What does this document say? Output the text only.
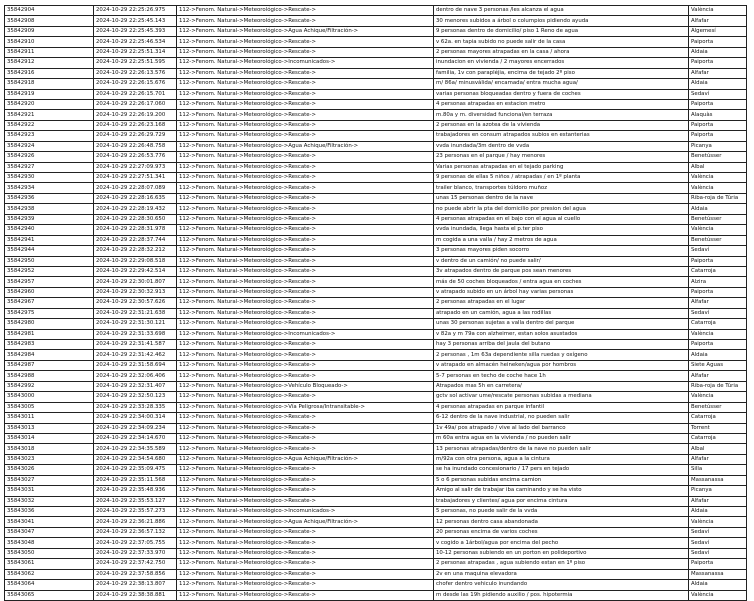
35842904	2024-10-29 22:25:26.975	112->Fenom. Natural->Meteorológico->Rescate->	dentro de nave 3 personas /les alcanza el agua	València
35842908	2024-10-29 22:25:45.143	112->Fenom. Natural->Meteorológico->Rescate->	30 menores subidos a árbol o columpios pidiendo ayuda	Alfafar
35842909	2024-10-29 22:25:45.393	112->Fenom. Natural->Meteorológico->Agua Achique/Filtración->	9 personas dentro de domicilio/ piso 1 Reno de agua	Algemesí
35842910	2024-10-29 22:25:46.534	112->Fenom. Natural->Meteorológico->Rescate->	v 62a. en tapia subido no puede salir de la casa	Paiporta
35842911	2024-10-29 22:25:51.314	112->Fenom. Natural->Meteorológico->Rescate->	2 personas mayores atrapadas en la casa / ahora	Aldaia
35842912	2024-10-29 22:25:51.595	112->Fenom. Natural->Meteorológico->Incomunicados->	inundacion en vivienda / 2 mayores encerrados	Paiporta
35842916	2024-10-29 22:26:13.576	112->Fenom. Natural->Meteorológico->Rescate->	familia, 1v con parapléjia, encima de tejado 2º piso	Alfafar
35842918	2024-10-29 22:26:15.676	112->Fenom. Natural->Meteorológico->Rescate->	m/ 86a/ minusválida/ encamada/ entra mucha agua/	Aldaia
35842919	2024-10-29 22:26:15.701	112->Fenom. Natural->Meteorológico->Rescate->	varias personas bloqueadas dentro y fuera de coches	Sedaví
35842920	2024-10-29 22:26:17.060	112->Fenom. Natural->Meteorológico->Rescate->	4 personas atrapadas en estacion metro	Paiporta
35842921	2024-10-29 22:26:19.200	112->Fenom. Natural->Meteorológico->Rescate->	m.80a y m. diversidad funcional/en terraza	Alaquàs
35842922	2024-10-29 22:26:23.168	112->Fenom. Natural->Meteorológico->Rescate->	2 personas en la azotea de la vivienda	Paiporta
35842923	2024-10-29 22:26:29.729	112->Fenom. Natural->Meteorológico->Rescate->	trabajadores en consum atrapados subios en estanterias	Paiporta
35842924	2024-10-29 22:26:48.758	112->Fenom. Natural->Meteorológico->Agua Achique/Filtración->	vvda inundada/3m dentro de vvda	Picanya
35842926	2024-10-29 22:26:53.776	112->Fenom. Natural->Meteorológico->Rescate->	23 personas en el parque / hay menores	Benetússer
35842927	2024-10-29 22:27:09.973	112->Fenom. Natural->Meteorológico->Rescate->	Varias personas atrapadas en el tejado parking	Albal
35842930	2024-10-29 22:27:51.341	112->Fenom. Natural->Meteorológico->Rescate->	9 personas de ellas 5 niños / atrapadas / en 1º planta	València
35842934	2024-10-29 22:28:07.089	112->Fenom. Natural->Meteorológico->Rescate->	trailer blanco, transportes túldoro muñoz	València
35842936	2024-10-29 22:28:16.635	112->Fenom. Natural->Meteorológico->Rescate->	unas 15 personas dentro de la nave	Riba-roja de Túria
35842938	2024-10-29 22:28:19.432	112->Fenom. Natural->Meteorológico->Rescate->	no puede abrir la pta del domicilio por presion del agua	Aldaia
35842939	2024-10-29 22:28:30.650	112->Fenom. Natural->Meteorológico->Rescate->	4 personas atrapadas en el bajo con el agua al cuello	Benetússer
35842940	2024-10-29 22:28:31.978	112->Fenom. Natural->Meteorológico->Rescate->	vvda inundada, llega hasta el p.ter piso	València
35842941	2024-10-29 22:28:37.744	112->Fenom. Natural->Meteorológico->Rescate->	m cogida a una valla / hay 2 metros de agua	Benetússer
35842944	2024-10-29 22:28:32.212	112->Fenom. Natural->Meteorológico->Rescate->	3 personas mayores piden socorro	Sedaví
35842950	2024-10-29 22:29:08.518	112->Fenom. Natural->Meteorológico->Rescate->	v dentro de un camión/ no puede salir/	Paiporta
35842952	2024-10-29 22:29:42.514	112->Fenom. Natural->Meteorológico->Rescate->	3v atrapados dentro de parque pos sean menores	Catarroja
35842957	2024-10-29 22:30:01.807	112->Fenom. Natural->Meteorológico->Rescate->	más de 50 coches bloqueados / entra agua en coches	Alzira
35842960	2024-10-29 22:30:32.913	112->Fenom. Natural->Meteorológico->Rescate->	v atrapado subido en un árbol hay varias personas	Paiporta
35842967	2024-10-29 22:30:57.626	112->Fenom. Natural->Meteorológico->Rescate->	2 personas atrapadas en el lugar	Alfafar
35842975	2024-10-29 22:31:21.638	112->Fenom. Natural->Meteorológico->Rescate->	atrapado en un camión, agua a las rodillas	Sedaví
35842980	2024-10-29 22:31:30.121	112->Fenom. Natural->Meteorológico->Rescate->	unas 30 personas sujetas a valla dentro del parque	Catarroja
35842981	2024-10-29 22:31:33.698	112->Fenom. Natural->Meteorológico->Incomunicados->	v 82a y m 79a con alzheimer, estan solos asustados	València
35842983	2024-10-29 22:31:41.587	112->Fenom. Natural->Meteorológico->Rescate->	hay 3 personas arriba del jaula del butano	Paiporta
35842984	2024-10-29 22:31:42.462	112->Fenom. Natural->Meteorológico->Rescate->	2 personas , 1m 63a dependiente silla ruedas y oxígeno	Aldaia
35842987	2024-10-29 22:31:58.694	112->Fenom. Natural->Meteorológico->Rescate->	v atrapado en almacén heineken/agua por hombros	Siete Aguas
35842988	2024-10-29 22:32:06.406	112->Fenom. Natural->Meteorológico->Rescate->	5-7 personas en techo de coche hace 1h	Alfafar
35842992	2024-10-29 22:32:31.407	112->Fenom. Natural->Meteorológico->Vehículo Bloqueado->	Atrapados mas 5h en carretera/	Riba-roja de Túria
35843000	2024-10-29 22:32:50.123	112->Fenom. Natural->Meteorológico->Rescate->	gctv sol activar ume/rescate personas subidas a mediana	València
35843005	2024-10-29 22:33:28.335	112->Fenom. Natural->Meteorológico->Vía Peligrosa/Intransitable->	4 personas atrapadas en parque infantil	Benetússer
35843011	2024-10-29 22:34:00.314	112->Fenom. Natural->Meteorológico->Rescate->	6-12 dentro de la nave industrial, no pueden salir	Catarroja
35843013	2024-10-29 22:34:09.234	112->Fenom. Natural->Meteorológico->Rescate->	1v 49a/ pos atrapado / vive al lado del barranco	Torrent
35843014	2024-10-29 22:34:14.670	112->Fenom. Natural->Meteorológico->Rescate->	m 60a entra agua en la vivienda / no pueden salir	Catarroja
35843018	2024-10-29 22:34:35.589	112->Fenom. Natural->Meteorológico->Rescate->	13 personas atrapadas/dentro de la nave no pueden salir	Albal
35843023	2024-10-29 22:34:54.680	112->Fenom. Natural->Meteorológico->Agua Achique/Filtración->	m/92a con otra persona, agua a la cintura	Alfafar
35843026	2024-10-29 22:35:09.475	112->Fenom. Natural->Meteorológico->Rescate->	se ha inundado concesionario / 17 pers en tejado	Silla
35843027	2024-10-29 22:35:11.568	112->Fenom. Natural->Meteorológico->Rescate->	5 o 6 personas subidas encima camion	Massanassa
35843031	2024-10-29 22:35:48.936	112->Fenom. Natural->Meteorológico->Rescate->	Amigo al salir de trabajar iba caminando y se ha visto	Picanya
35843032	2024-10-29 22:35:53.127	112->Fenom. Natural->Meteorológico->Rescate->	trabajadores y clientes/ agua por encima cintura	Alfafar
35843036	2024-10-29 22:35:57.273	112->Fenom. Natural->Meteorológico->Incomunicados->	5 personas, no puede salir de la vvda	Aldaia
35843041	2024-10-29 22:36:21.886	112->Fenom. Natural->Meteorológico->Agua Achique/Filtración->	12 personas dentro casa abandonada	València
35843047	2024-10-29 22:36:57.132	112->Fenom. Natural->Meteorológico->Rescate->	20 personas encima de varios coches	Sedaví
35843048	2024-10-29 22:37:05.755	112->Fenom. Natural->Meteorológico->Rescate->	v cogido a 1árbol/agua por encima del pecho	Sedaví
35843050	2024-10-29 22:37:33.970	112->Fenom. Natural->Meteorológico->Rescate->	10-12 personas subiendo en un porton en polideportivo	Sedaví
35843061	2024-10-29 22:37:42.750	112->Fenom. Natural->Meteorológico->Rescate->	2 personas atrapadas , agua subiendo estan en 1º piso	Paiporta
35843062	2024-10-29 22:37:58.856	112->Fenom. Natural->Meteorológico->Rescate->	2v en una maquina elevadora	Massanassa
35843064	2024-10-29 22:38:13.807	112->Fenom. Natural->Meteorológico->Rescate->	chofer dentro vehiculo inundando	Aldaia
35843065	2024-10-29 22:38:38.881	112->Fenom. Natural->Meteorológico->Rescate->	m desde las 19h pidiendo auxilio / pos. hipotermia	València
